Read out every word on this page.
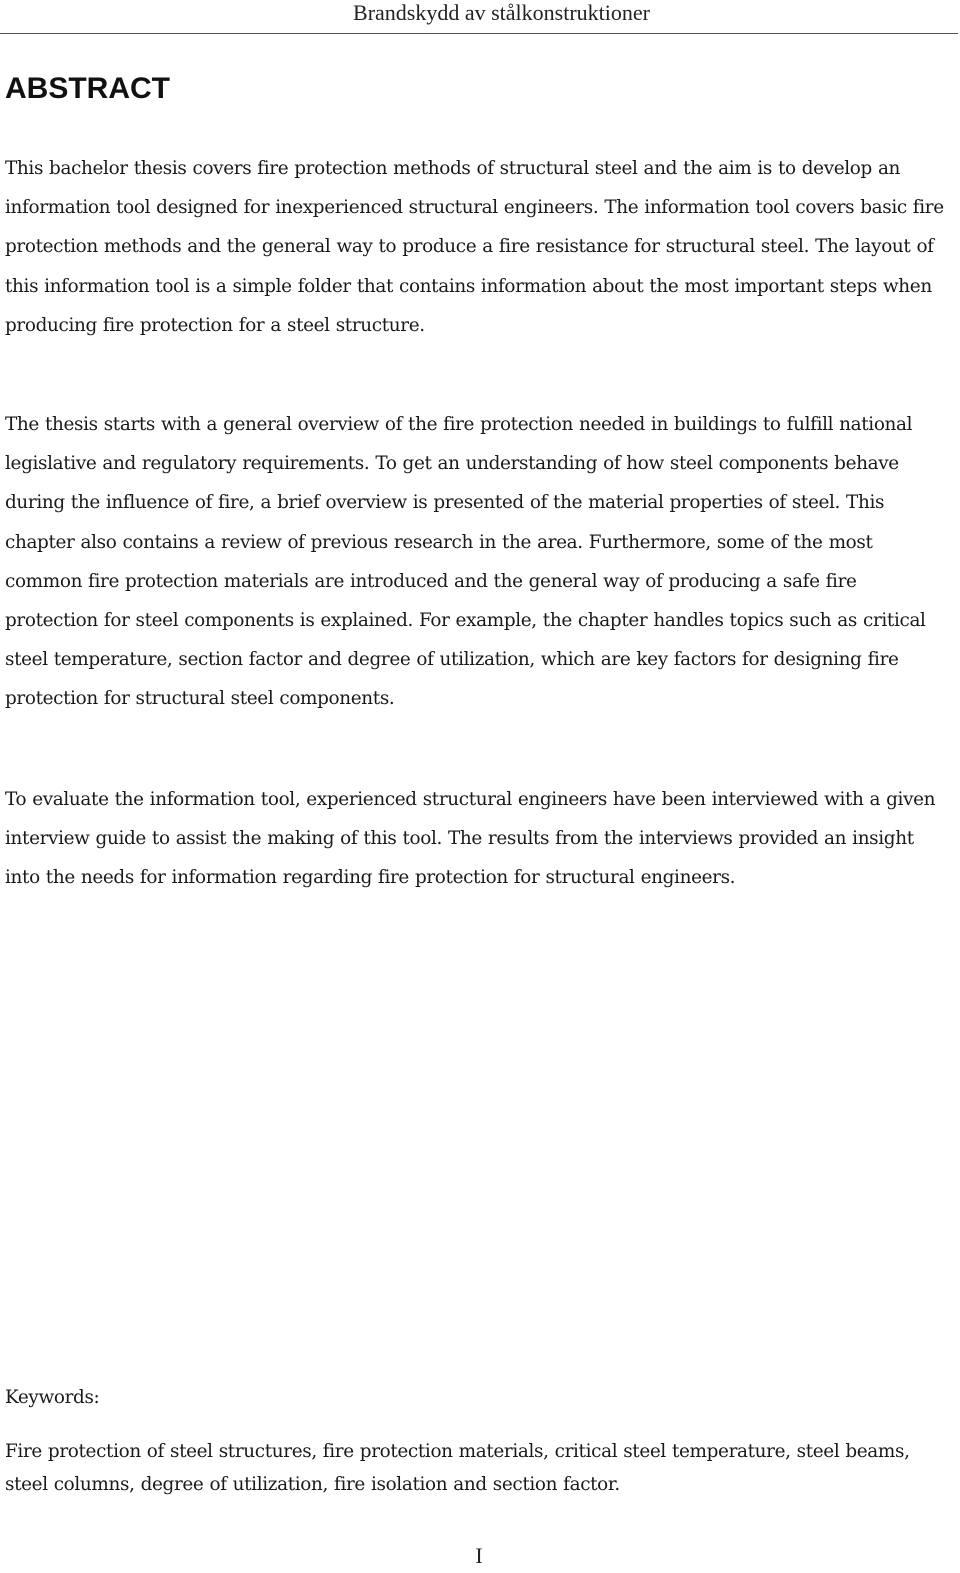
Brandskydd av stålkonstruktioner
ABSTRACT

This bachelor thesis covers fire protection methods of structural steel and the aim is to develop an information tool designed for inexperienced structural engineers. The information tool covers basic fire protection methods and the general way to produce a fire resistance for structural steel. The layout of this information tool is a simple folder that contains information about the most important steps when producing fire protection for a steel structure.

The thesis starts with a general overview of the fire protection needed in buildings to fulfill national legislative and regulatory requirements. To get an understanding of how steel components behave during the influence of fire, a brief overview is presented of the material properties of steel. This chapter also contains a review of previous research in the area. Furthermore, some of the most common fire protection materials are introduced and the general way of producing a safe fire protection for steel components is explained. For example, the chapter handles topics such as critical steel temperature, section factor and degree of utilization, which are key factors for designing fire protection for structural steel components.

To evaluate the information tool, experienced structural engineers have been interviewed with a given interview guide to assist the making of this tool. The results from the interviews provided an insight into the needs for information regarding fire protection for structural engineers.

Keywords:

Fire protection of steel structures, fire protection materials, critical steel temperature, steel beams, steel columns, degree of utilization, fire isolation and section factor.

I
